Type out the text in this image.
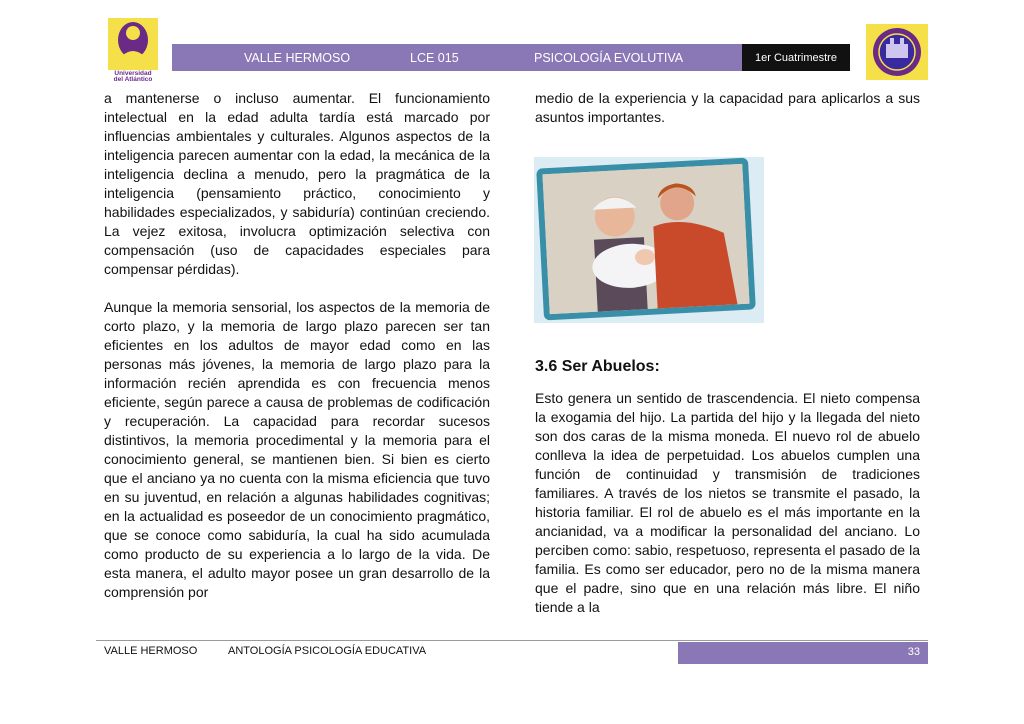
Universidad
del Atlántico
VALLE HERMOSO	LCE 015	PSICOLOGÍA EVOLUTIVA	1er Cuatrimestre

a mantenerse o incluso aumentar. El funcionamiento intelectual en la edad adulta tardía está marcado por influencias ambientales y culturales. Algunos aspectos de la inteligencia parecen aumentar con la edad, la mecánica de la inteligencia declina a menudo, pero la pragmática de la inteligencia (pensamiento práctico, conocimiento y habilidades especializados, y sabiduría) continúan creciendo. La vejez exitosa, involucra optimización selectiva con compensación (uso de capacidades especiales para compensar pérdidas).

Aunque la memoria sensorial, los aspectos de la memoria de corto plazo, y la memoria de largo plazo parecen ser tan eficientes en los adultos de mayor edad como en las personas más jóvenes, la memoria de largo plazo para la información recién aprendida es con frecuencia menos eficiente, según parece a causa de problemas de codificación y recuperación. La capacidad para recordar sucesos distintivos, la memoria procedimental y la memoria para el conocimiento general, se mantienen bien. Si bien es cierto que el anciano ya no cuenta con la misma eficiencia que tuvo en su juventud, en relación a algunas habilidades cognitivas; en la actualidad es poseedor de un conocimiento pragmático, que se conoce como sabiduría, la cual ha sido acumulada como producto de su experiencia a lo largo de la vida. De esta manera, el adulto mayor posee un gran desarrollo de la comprensión por

medio de la experiencia y la capacidad para aplicarlos a sus asuntos importantes.
3.6 Ser Abuelos:
Esto genera un sentido de trascendencia. El nieto compensa la exogamia del hijo. La partida del hijo y la llegada del nieto son dos caras de la misma moneda. El nuevo rol de abuelo conlleva la idea de perpetuidad. Los abuelos cumplen una función de continuidad y transmisión de tradiciones familiares. A través de los nietos se transmite el pasado, la historia familiar. El rol de abuelo es el más importante en la ancianidad, va a modificar la personalidad del anciano. Lo perciben como: sabio, respetuoso, representa el pasado de la familia. Es como ser educador, pero no de la misma manera que el padre, sino que en una relación más libre. El niño tiende a la
VALLE HERMOSO	ANTOLOGÍA PSICOLOGÍA EDUCATIVA	33
